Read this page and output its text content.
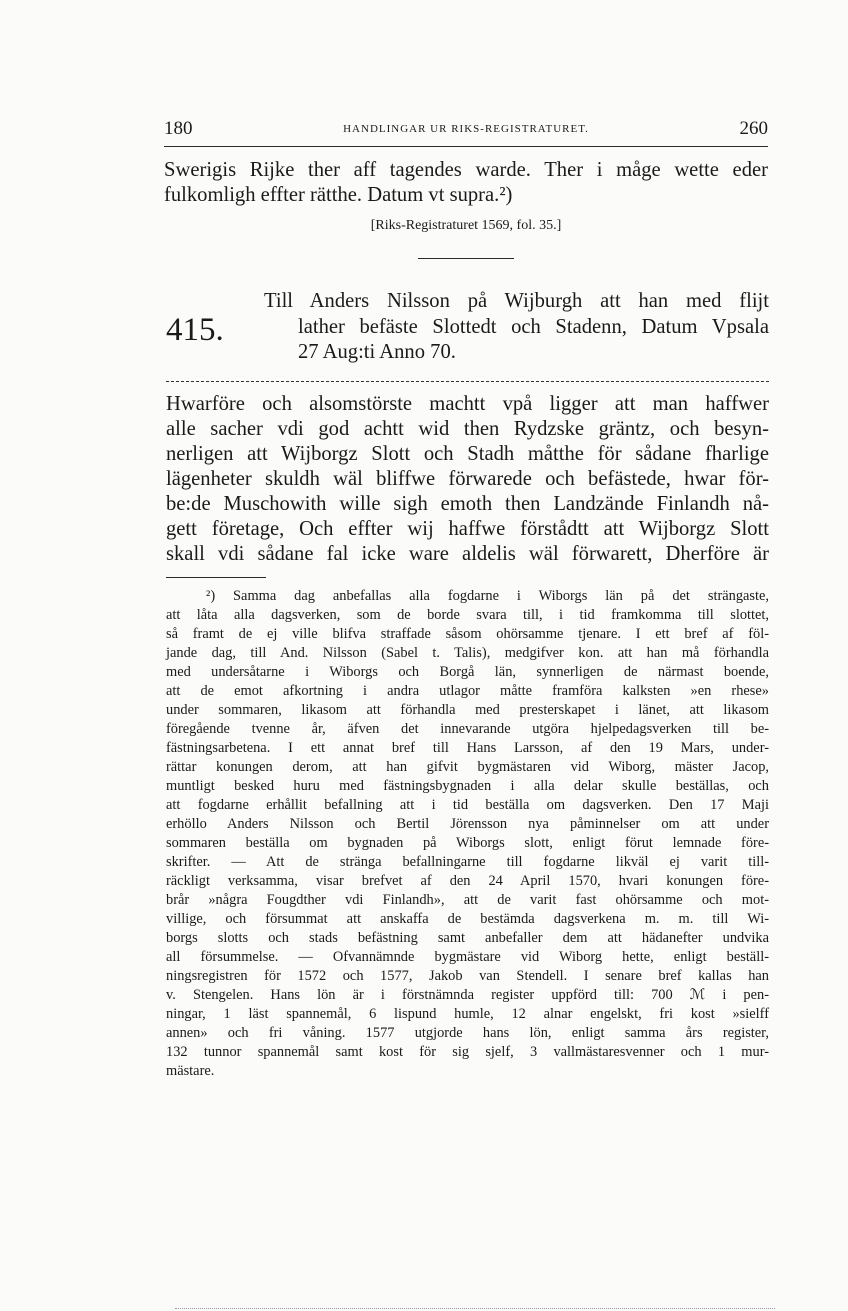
180	HANDLINGAR UR RIKS-REGISTRATURET.	260
Swerigis Rijke ther aff tagendes warde. Ther i måge wette eder
fulkomligh effter rätthe. Datum vt supra.²)
[Riks-Registraturet 1569, fol. 35.]
415.
Till Anders Nilsson på Wijburgh att han med flijt
lather befäste Slottedt och Stadenn, Datum Vpsala
27 Aug:ti Anno 70.
Hwarföre och alsomstörste machtt vpå ligger att man haffwer
alle sacher vdi god achtt wid then Rydzske gräntz, och besyn-
nerligen att Wijborgz Slott och Stadh måtthe för sådane fharlige
lägenheter skuldh wäl bliffwe förwarede och befästede, hwar för-
be:de Muschowith wille sigh emoth then Landzände Finlandh nå-
gett företage, Och effter wij haffwe förstådtt att Wijborgz Slott
skall vdi sådane fal icke ware aldelis wäl förwarett, Dherföre är
²) Samma dag anbefallas alla fogdarne i Wiborgs län på det strängaste,
att låta alla dagsverken, som de borde svara till, i tid framkomma till slottet,
så framt de ej ville blifva straffade såsom ohörsamme tjenare. I ett bref af föl-
jande dag, till And. Nilsson (Sabel t. Talis), medgifver kon. att han må förhandla
med undersåtarne i Wiborgs och Borgå län, synnerligen de närmast boende,
att de emot afkortning i andra utlagor måtte framföra kalksten »en rhese»
under sommaren, likasom att förhandla med presterskapet i länet, att likasom
föregående tvenne år, äfven det innevarande utgöra hjelpedagsverken till be-
fästningsarbetena. I ett annat bref till Hans Larsson, af den 19 Mars, under-
rättar konungen derom, att han gifvit bygmästaren vid Wiborg, mäster Jacop,
muntligt besked huru med fästningsbygnaden i alla delar skulle beställas, och
att fogdarne erhållit befallning att i tid beställa om dagsverken. Den 17 Maji
erhöllo Anders Nilsson och Bertil Jörensson nya påminnelser om att under
sommaren beställa om bygnaden på Wiborgs slott, enligt förut lemnade före-
skrifter. — Att de stränga befallningarne till fogdarne likväl ej varit till-
räckligt verksamma, visar brefvet af den 24 April 1570, hvari konungen före-
brår »några Fougdther vdi Finlandh», att de varit fast ohörsamme och mot-
villige, och försummat att anskaffa de bestämda dagsverkena m. m. till Wi-
borgs slotts och stads befästning samt anbefaller dem att hädanefter undvika
all försummelse. — Ofvannämnde bygmästare vid Wiborg hette, enligt beställ-
ningsregistren för 1572 och 1577, Jakob van Stendell. I senare bref kallas han
v. Stengelen. Hans lön är i förstnämnda register uppförd till: 700 ℳ i pen-
ningar, 1 läst spannemål, 6 lispund humle, 12 alnar engelskt, fri kost »sielff
annen» och fri våning. 1577 utgjorde hans lön, enligt samma års register,
132 tunnor spannemål samt kost för sig sjelf, 3 vallmästaresvenner och 1 mur-
mästare.
